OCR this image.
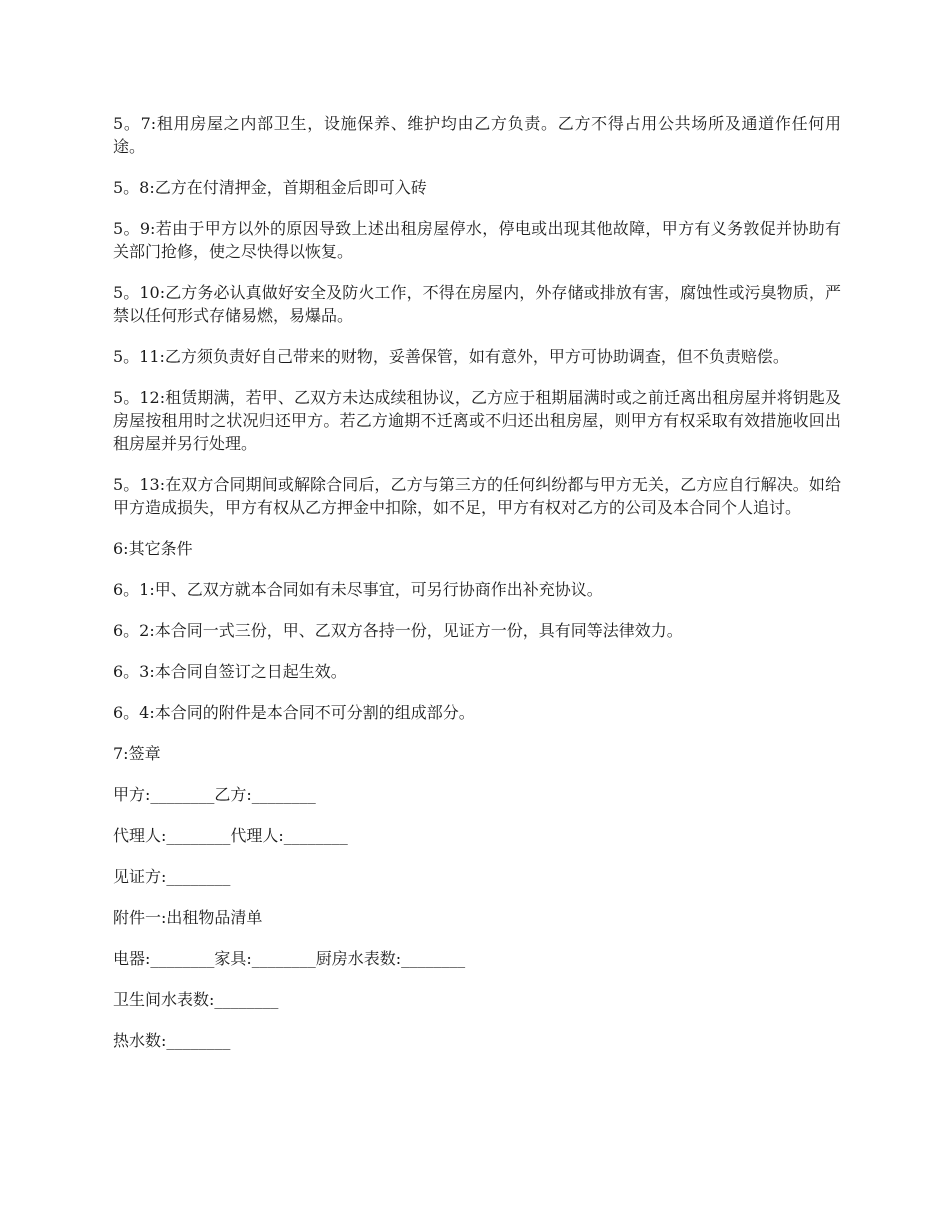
5。7:租用房屋之内部卫生，设施保养、维护均由乙方负责。乙方不得占用公共场所及通道作任何用途。

5。8:乙方在付清押金，首期租金后即可入砖

5。9:若由于甲方以外的原因导致上述出租房屋停水，停电或出现其他故障，甲方有义务敦促并协助有关部门抢修，使之尽快得以恢复。

5。10:乙方务必认真做好安全及防火工作，不得在房屋内，外存储或排放有害，腐蚀性或污臭物质，严禁以任何形式存储易燃，易爆品。

5。11:乙方须负责好自己带来的财物，妥善保管，如有意外，甲方可协助调查，但不负责赔偿。

5。12:租赁期满，若甲、乙双方未达成续租协议，乙方应于租期届满时或之前迁离出租房屋并将钥匙及房屋按租用时之状况归还甲方。若乙方逾期不迁离或不归还出租房屋，则甲方有权采取有效措施收回出租房屋并另行处理。

5。13:在双方合同期间或解除合同后，乙方与第三方的任何纠纷都与甲方无关，乙方应自行解决。如给甲方造成损失，甲方有权从乙方押金中扣除，如不足，甲方有权对乙方的公司及本合同个人追讨。

6:其它条件

6。1:甲、乙双方就本合同如有未尽事宜，可另行协商作出补充协议。

6。2:本合同一式三份，甲、乙双方各持一份，见证方一份，具有同等法律效力。

6。3:本合同自签订之日起生效。

6。4:本合同的附件是本合同不可分割的组成部分。

7:签章

甲方:________乙方:________

代理人:________代理人:________

见证方:________

附件一:出租物品清单

电器:________家具:________厨房水表数:________

卫生间水表数:________

热水数:________
